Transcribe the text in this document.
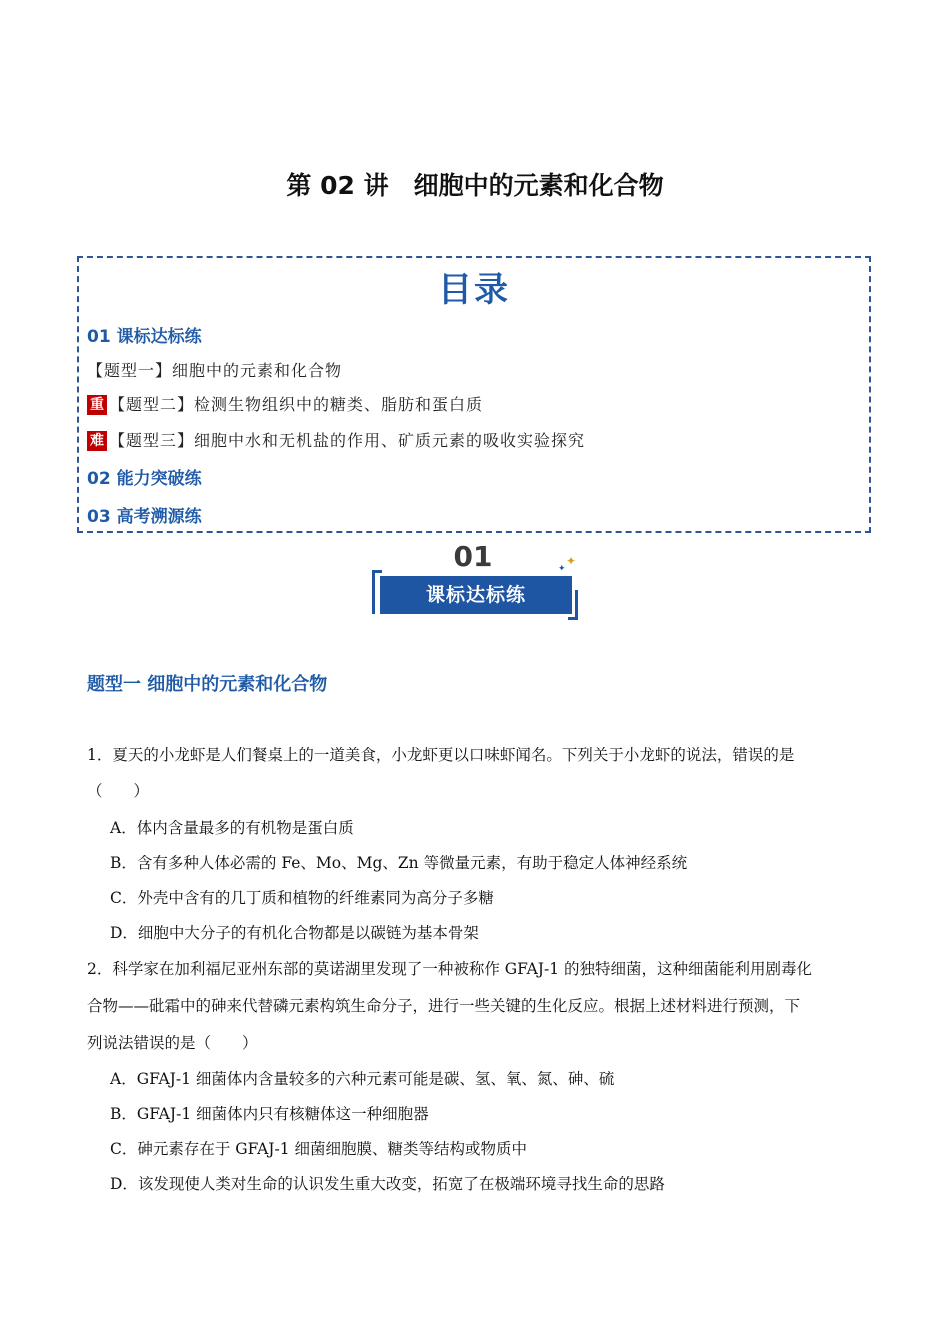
第 02 讲　细胞中的元素和化合物
目录
01 课标达标练
【题型一】细胞中的元素和化合物
重 【题型二】检测生物组织中的糖类、脂肪和蛋白质
难 【题型三】细胞中水和无机盐的作用、矿质元素的吸收实验探究
02 能力突破练
03 高考溯源练
01
课标达标练
✦
✦
题型一 细胞中的元素和化合物
1．夏天的小龙虾是人们餐桌上的一道美食，小龙虾更以口味虾闻名。下列关于小龙虾的说法，错误的是
（　　）
A．体内含量最多的有机物是蛋白质
B．含有多种人体必需的 Fe、Mo、Mg、Zn 等微量元素，有助于稳定人体神经系统
C．外壳中含有的几丁质和植物的纤维素同为高分子多糖
D．细胞中大分子的有机化合物都是以碳链为基本骨架
2．科学家在加利福尼亚州东部的莫诺湖里发现了一种被称作 GFAJ-1 的独特细菌，这种细菌能利用剧毒化
合物——砒霜中的砷来代替磷元素构筑生命分子，进行一些关键的生化反应。根据上述材料进行预测，下
列说法错误的是（　　）
A．GFAJ-1 细菌体内含量较多的六种元素可能是碳、氢、氧、氮、砷、硫
B．GFAJ-1 细菌体内只有核糖体这一种细胞器
C．砷元素存在于 GFAJ-1 细菌细胞膜、糖类等结构或物质中
D．该发现使人类对生命的认识发生重大改变，拓宽了在极端环境寻找生命的思路
